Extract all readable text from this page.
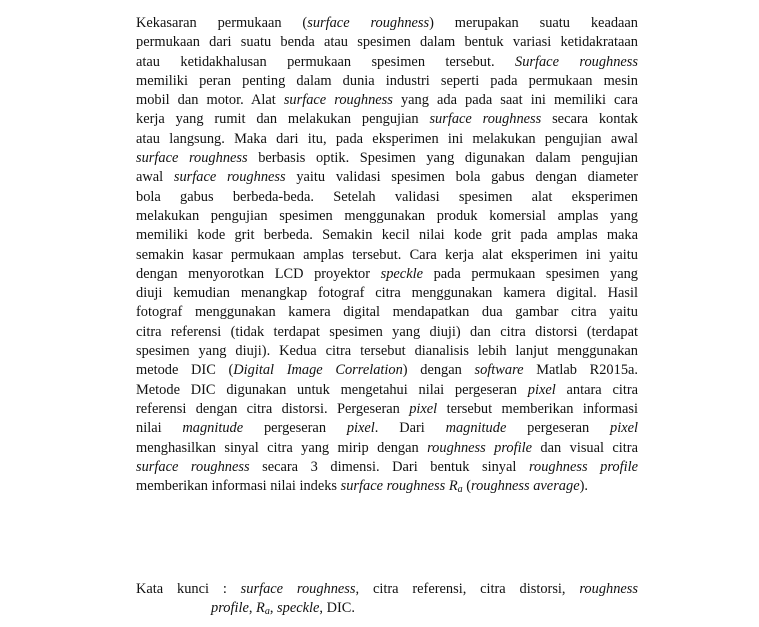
Kekasaran permukaan (surface roughness) merupakan suatu keadaan
permukaan dari suatu benda atau spesimen dalam bentuk variasi ketidakrataan
atau ketidakhalusan permukaan spesimen tersebut. Surface roughness
memiliki peran penting dalam dunia industri seperti pada permukaan mesin
mobil dan motor. Alat surface roughness yang ada pada saat ini memiliki cara
kerja yang rumit dan melakukan pengujian surface roughness secara kontak
atau langsung. Maka dari itu, pada eksperimen ini melakukan pengujian awal
surface roughness berbasis optik. Spesimen yang digunakan dalam pengujian
awal surface roughness yaitu validasi spesimen bola gabus dengan diameter
bola gabus berbeda-beda. Setelah validasi spesimen alat eksperimen
melakukan pengujian spesimen menggunakan produk komersial amplas yang
memiliki kode grit berbeda. Semakin kecil nilai kode grit pada amplas maka
semakin kasar permukaan amplas tersebut. Cara kerja alat eksperimen ini yaitu
dengan menyorotkan LCD proyektor speckle pada permukaan spesimen yang
diuji kemudian menangkap fotograf citra menggunakan kamera digital. Hasil
fotograf menggunakan kamera digital mendapatkan dua gambar citra yaitu
citra referensi (tidak terdapat spesimen yang diuji) dan citra distorsi (terdapat
spesimen yang diuji). Kedua citra tersebut dianalisis lebih lanjut menggunakan
metode DIC (Digital Image Correlation) dengan software Matlab R2015a.
Metode DIC digunakan untuk mengetahui nilai pergeseran pixel antara citra
referensi dengan citra distorsi. Pergeseran pixel tersebut memberikan informasi
nilai magnitude pergeseran pixel. Dari magnitude pergeseran pixel
menghasilkan sinyal citra yang mirip dengan roughness profile dan visual citra
surface roughness secara 3 dimensi. Dari bentuk sinyal roughness profile
memberikan informasi nilai indeks surface roughness $R_a$ (roughness average).
Kata kunci : surface roughness, citra referensi, citra distorsi, roughness
profile, $R_a$, speckle, DIC.
